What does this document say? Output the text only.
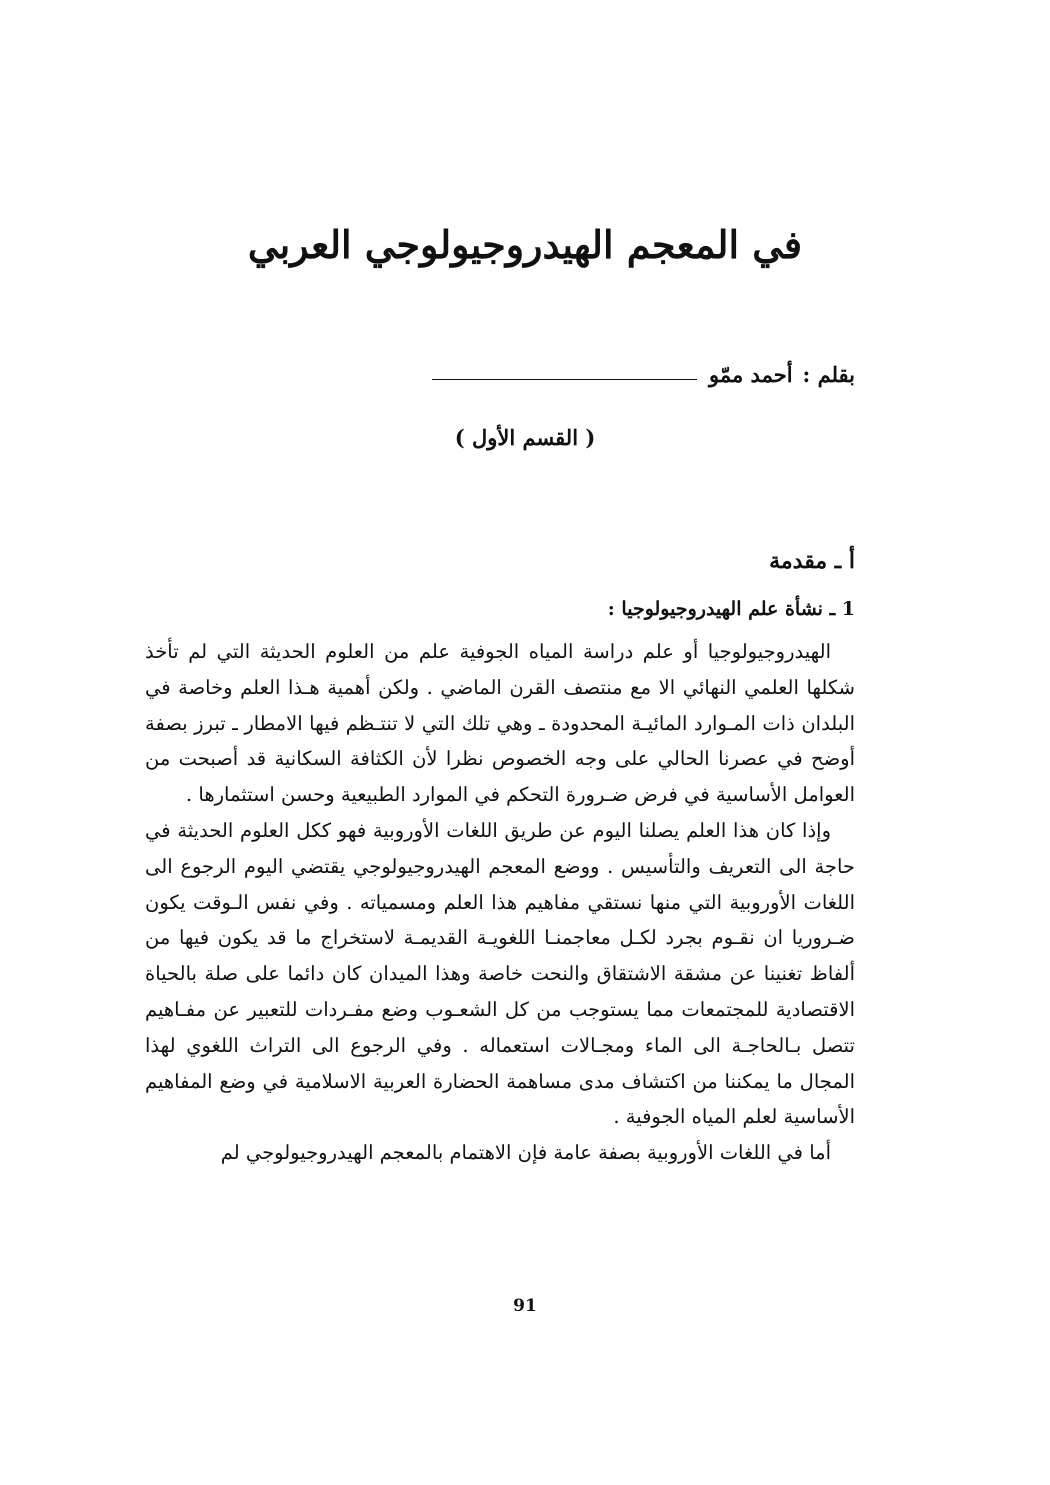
في المعجم الهيدروجيولوجي العربي
بقلم :
أحمد ممّو
( القسم الأول )
أ ـ مقدمة
1 ـ نشأة علم الهيدروجيولوجيا :

الهيدروجيولوجيا أو علم دراسة المياه الجوفية علم من العلوم الحديثة التي لم تأخذ شكلها العلمي النهائي الا مع منتصف القرن الماضي . ولكن أهمية هـذا العلم وخاصة في البلدان ذات المـوارد المائيـة المحدودة ـ وهي تلك التي لا تنتـظم فيها الامطار ـ تبرز بصفة أوضح في عصرنا الحالي على وجه الخصوص نظرا لأن الكثافة السكانية قد أصبحت من العوامل الأساسية في فرض ضـرورة التحكم في الموارد الطبيعية وحسن استثمارها .

وإذا كان هذا العلم يصلنا اليوم عن طريق اللغات الأوروبية فهو ككل العلوم الحديثة في حاجة الى التعريف والتأسيس . ووضع المعجم الهيدروجيولوجي يقتضي اليوم الرجوع الى اللغات الأوروبية التي منها نستقي مفاهيم هذا العلم ومسمياته . وفي نفس الـوقت يكون ضـروريا ان نقـوم بجرد لكـل معاجمنـا اللغويـة القديمـة لاستخراج ما قد يكون فيها من ألفاظ تغنينا عن مشقة الاشتقاق والنحت خاصة وهذا الميدان كان دائما على صلة بالحياة الاقتصادية للمجتمعات مما يستوجب من كل الشعـوب وضع مفـردات للتعبير عن مفـاهيم تتصل بـالحاجـة الى الماء ومجـالات استعماله . وفي الرجوع الى التراث اللغوي لهذا المجال ما يمكننا من اكتشاف مدى مساهمة الحضارة العربية الاسلامية في وضع المفاهيم الأساسية لعلم المياه الجوفية .

أما في اللغات الأوروبية بصفة عامة فإن الاهتمام بالمعجم الهيدروجيولوجي لم

91
